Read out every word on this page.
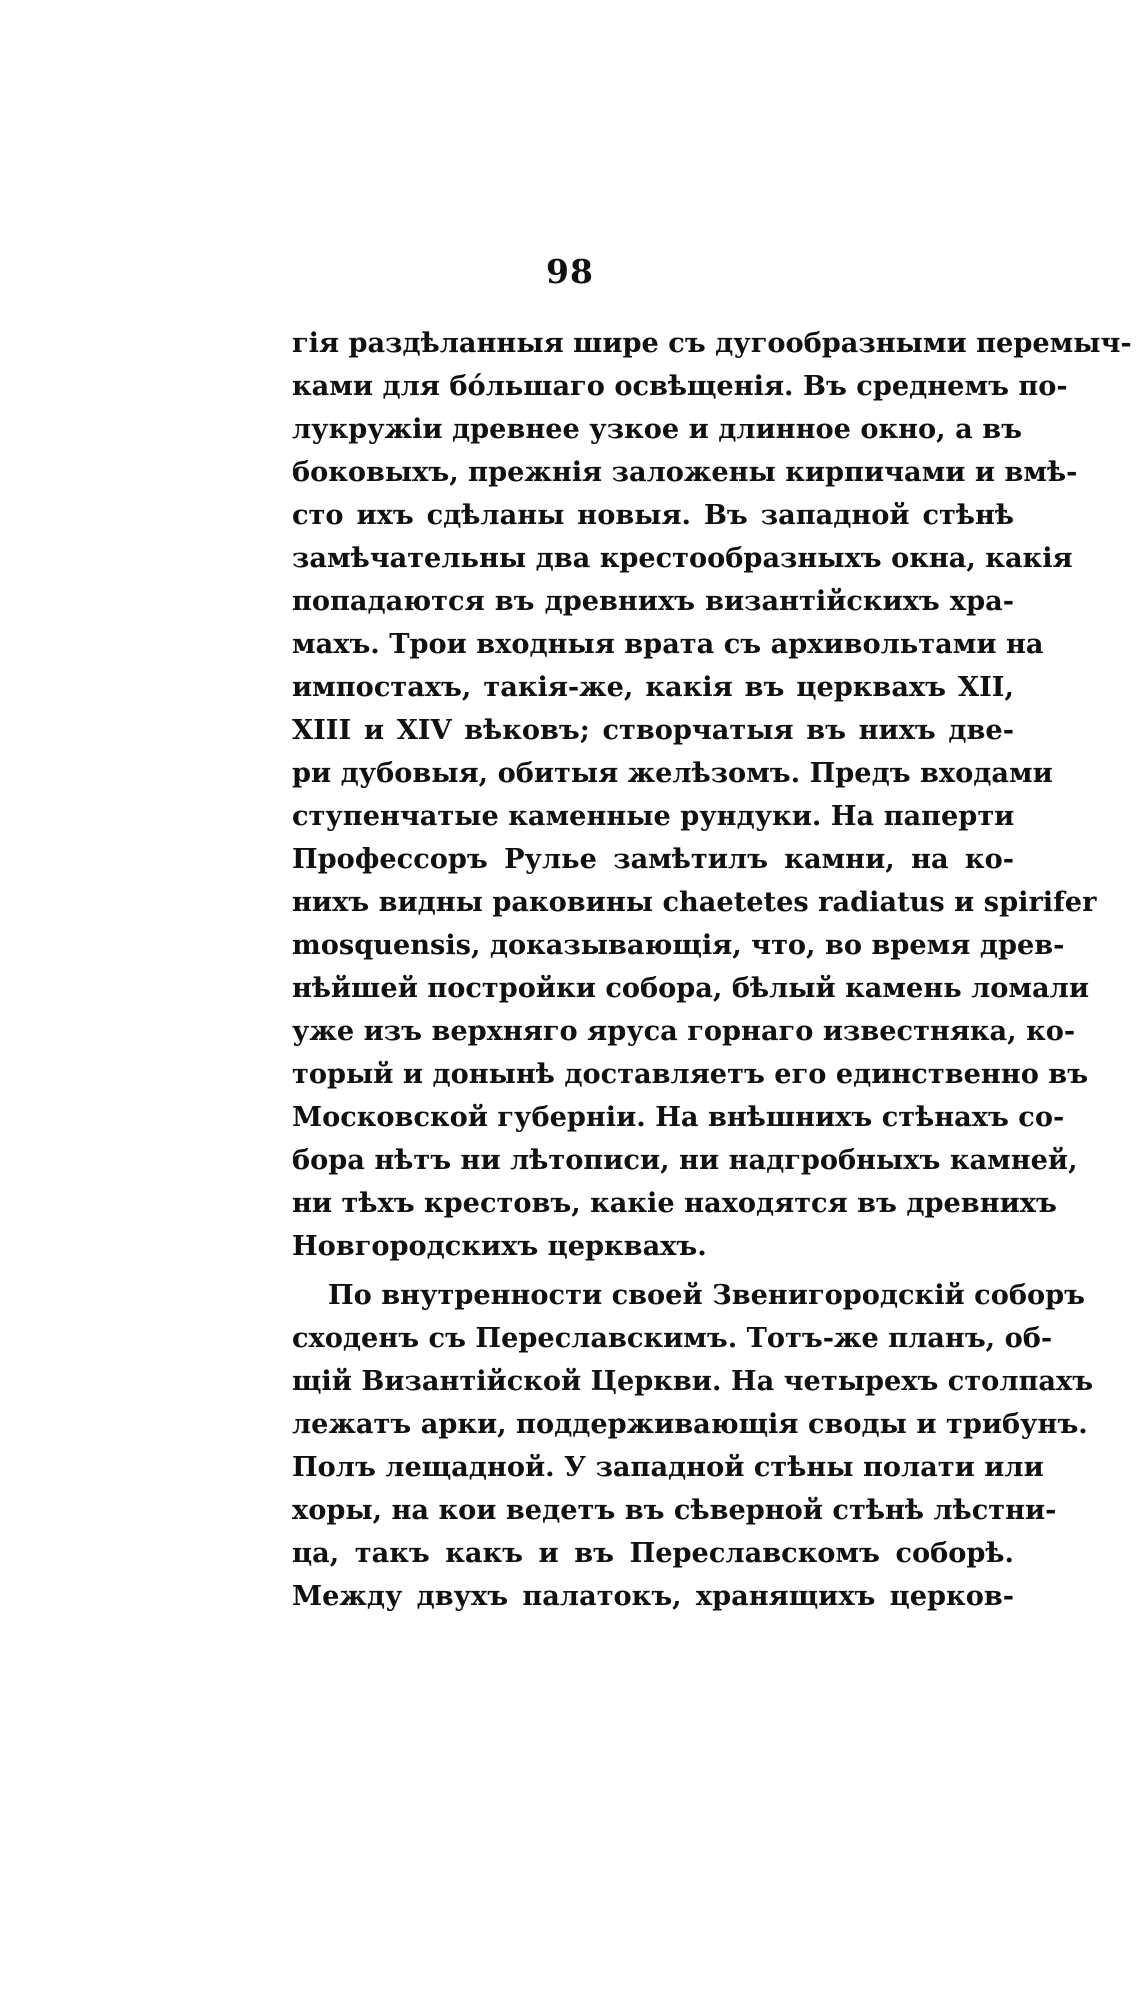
98
гія раздѣланныя шире съ дугообразными перемыч-
ками для бóльшаго освѣщенія. Въ среднемъ по-
лукружіи древнее узкое и длинное окно, а въ
боковыхъ, прежнія заложены кирпичами и вмѣ-
сто ихъ сдѣланы новыя. Въ западной стѣнѣ
замѣчательны два крестообразныхъ окна, какія
попадаются въ древнихъ византійскихъ хра-
махъ. Трои входныя врата съ архивольтами на
импостахъ, такія-же, какія въ церквахъ XII,
XIII и XIV вѣковъ; створчатыя въ нихъ две-
ри дубовыя, обитыя желѣзомъ. Предъ входами
ступенчатые каменные рундуки. На паперти
Профессоръ Рулье замѣтилъ камни, на ко-
нихъ видны раковины chaetetes radiatus и spirifer
mosquensis, доказывающія, что, во время древ-
нѣйшей постройки собора, бѣлый камень ломали
уже изъ верхняго яруса горнаго известняка, ко-
торый и донынѣ доставляетъ его единственно въ
Московской губерніи. На внѣшнихъ стѣнахъ со-
бора нѣтъ ни лѣтописи, ни надгробныхъ камней,
ни тѣхъ крестовъ, какіе находятся въ древнихъ
Новгородскихъ церквахъ.
По внутренности своей Звенигородскій соборъ
сходенъ съ Переславскимъ. Тотъ-же планъ, об-
щій Византійской Церкви. На четырехъ столпахъ
лежатъ арки, поддерживающія своды и трибунъ.
Полъ лещадной. У западной стѣны полати или
хоры, на кои ведетъ въ сѣверной стѣнѣ лѣстни-
ца, такъ какъ и въ Переславскомъ соборѣ.
Между двухъ палатокъ, хранящихъ церков-
